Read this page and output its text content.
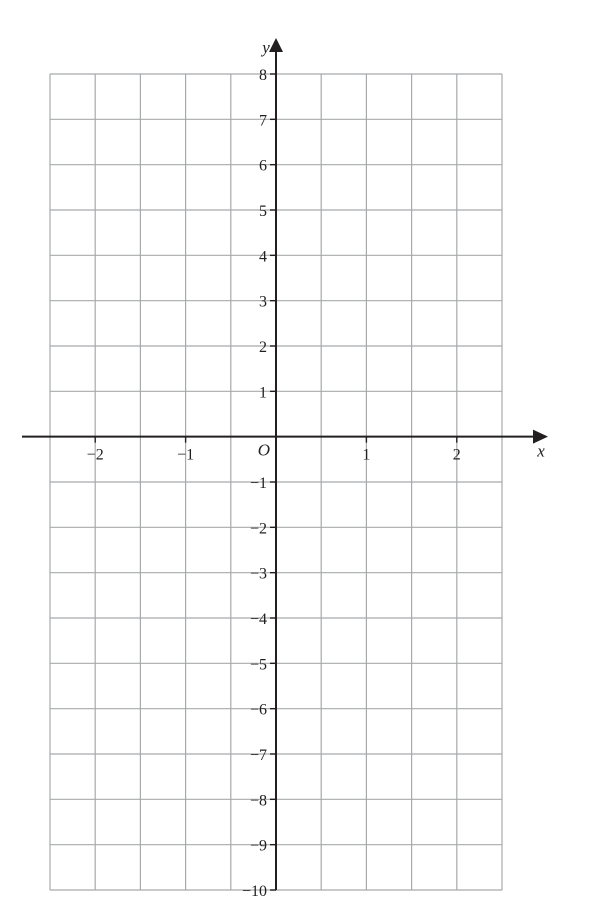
−2	−1	1	2
8
7
6
5
4
3
2
1
−1
−2
−3
−4
−5
−6
−7
−8
−9
−10
O	x
y
